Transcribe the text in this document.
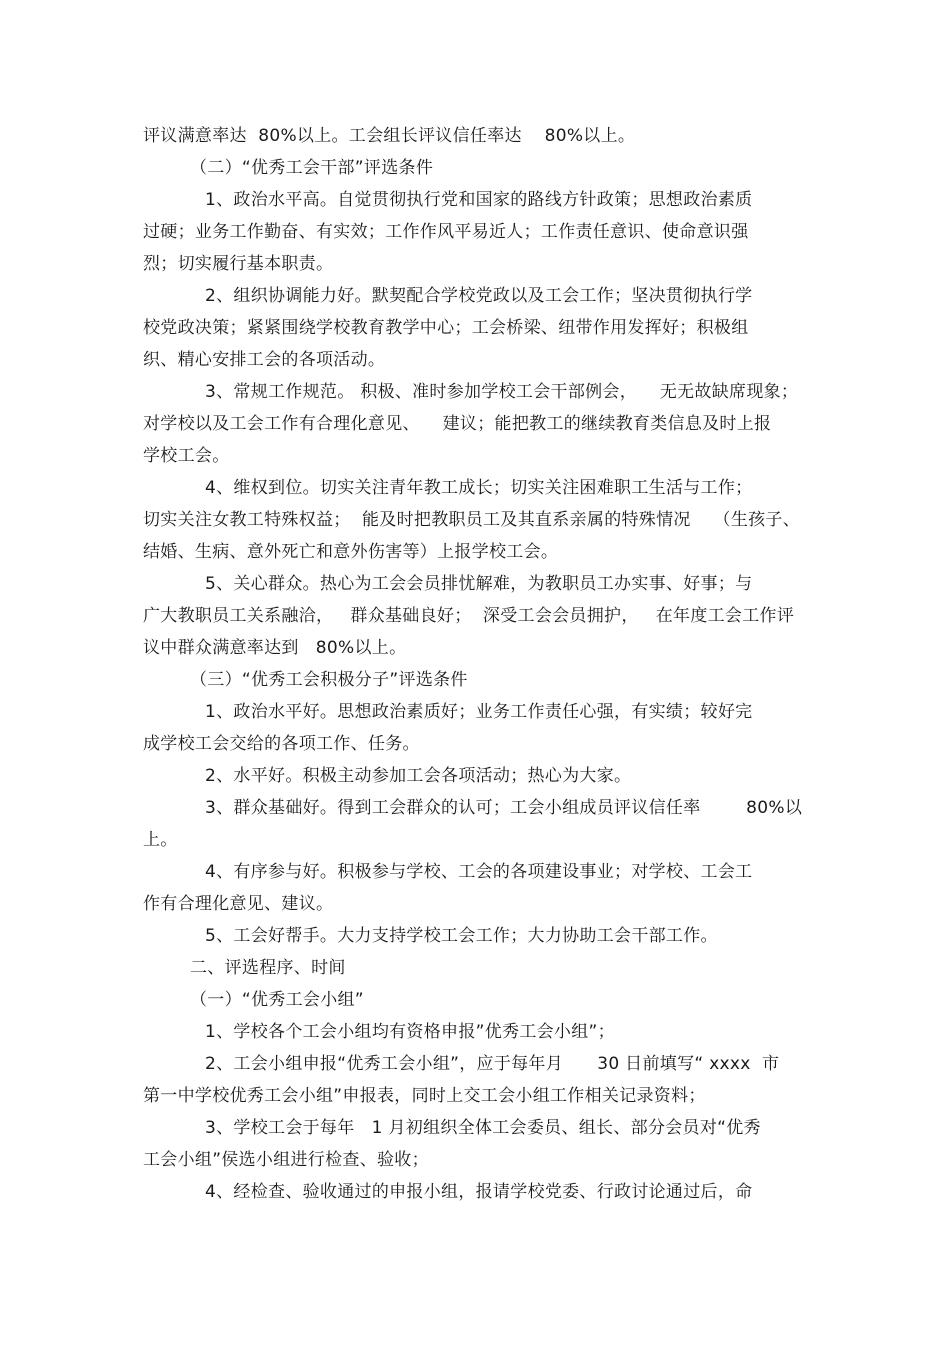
评议满意率达  80%以上。工会组长评议信任率达    80%以上。
（二）“优秀工会干部”评选条件
1、政治水平高。自觉贯彻执行党和国家的路线方针政策；思想政治素质
过硬；业务工作勤奋、有实效；工作作风平易近人；工作责任意识、使命意识强
烈；切实履行基本职责。
2、组织协调能力好。默契配合学校党政以及工会工作；坚决贯彻执行学
校党政决策；紧紧围绕学校教育教学中心；工会桥梁、纽带作用发挥好；积极组
织、精心安排工会的各项活动。
3、常规工作规范。 积极、准时参加学校工会干部例会，    无无故缺席现象；
对学校以及工会工作有合理化意见、    建议；能把教工的继续教育类信息及时上报
学校工会。
4、维权到位。切实关注青年教工成长；切实关注困难职工生活与工作；
切实关注女教工特殊权益；  能及时把教职员工及其直系亲属的特殊情况    （生孩子、
结婚、生病、意外死亡和意外伤害等）上报学校工会。
5、关心群众。热心为工会会员排忧解难，为教职员工办实事、好事；与
广大教职员工关系融洽，   群众基础良好；  深受工会会员拥护，   在年度工会工作评
议中群众满意率达到   80%以上。
（三）“优秀工会积极分子”评选条件
1、政治水平好。思想政治素质好；业务工作责任心强，有实绩；较好完
成学校工会交给的各项工作、任务。
2、水平好。积极主动参加工会各项活动；热心为大家。
3、群众基础好。得到工会群众的认可；工会小组成员评议信任率        80%以
上。
4、有序参与好。积极参与学校、工会的各项建设事业；对学校、工会工
作有合理化意见、建议。
5、工会好帮手。大力支持学校工会工作；大力协助工会干部工作。
二、评选程序、时间
（一）“优秀工会小组”
1、学校各个工会小组均有资格申报”优秀工会小组”；
2、工会小组申报“优秀工会小组”，应于每年月      30 日前填写“ xxxx  市
第一中学校优秀工会小组”申报表，同时上交工会小组工作相关记录资料；
3、学校工会于每年   1 月初组织全体工会委员、组长、部分会员对“优秀
工会小组”侯选小组进行检查、验收；
4、经检查、验收通过的申报小组，报请学校党委、行政讨论通过后，命
